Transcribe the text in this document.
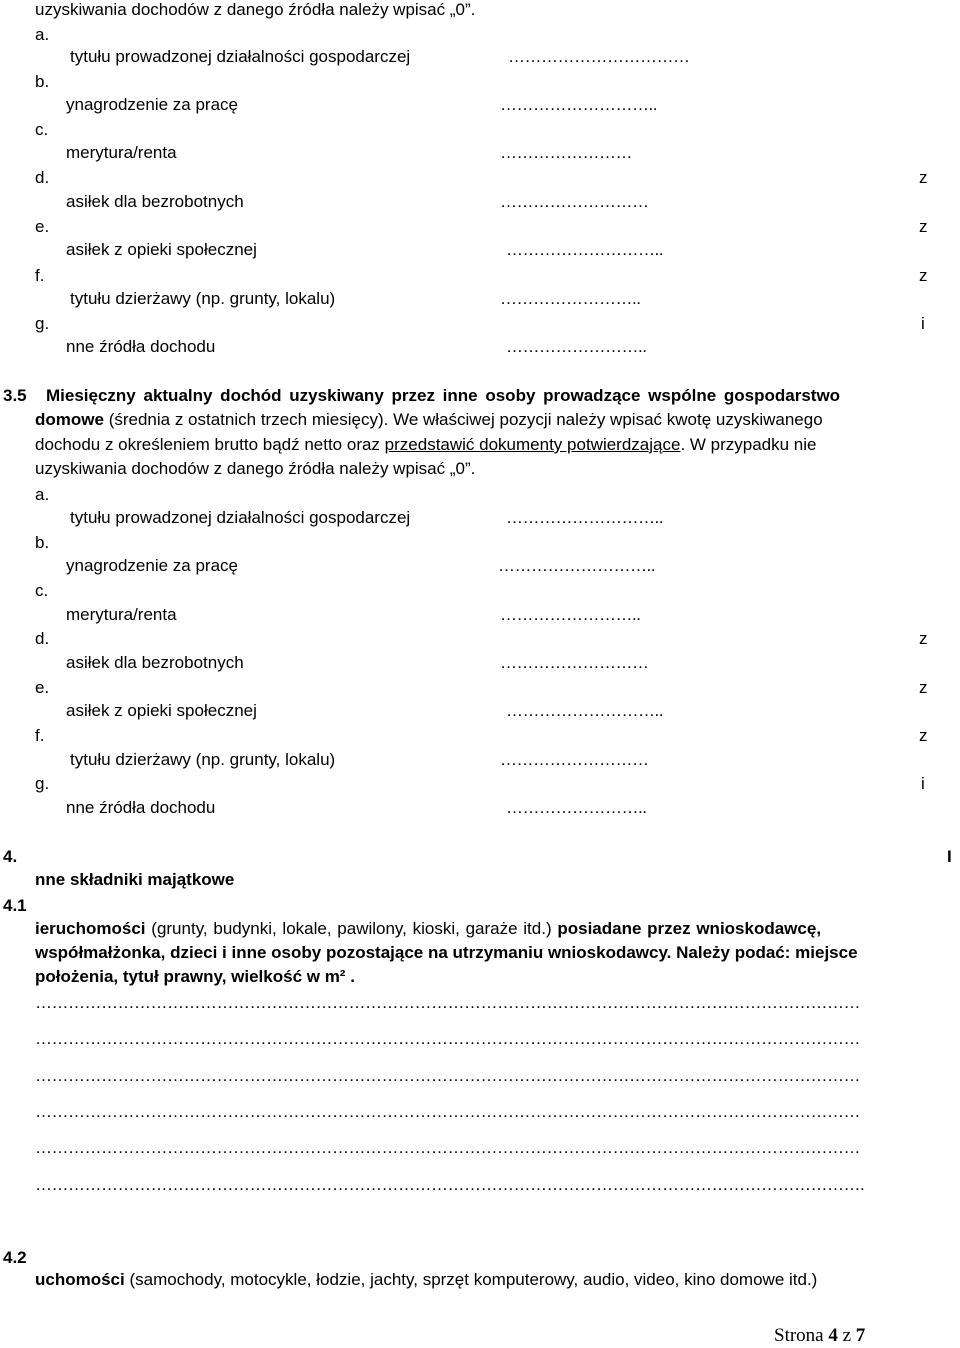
uzyskiwania dochodów z danego źródła należy wpisać „0”.
a.
tytułu prowadzonej działalności gospodarczej	……………………………
b.
ynagrodzenie za pracę	………………………..
c.
merytura/renta	……………………
d.
asiłek dla bezrobotnych	………………………
e.
asiłek z opieki społecznej	………………………..
f.
tytułu dzierżawy (np. grunty, lokalu)	……………………..
g.
nne źródła dochodu	……………………..
z
z
z
i
3.5 Miesięczny aktualny dochód uzyskiwany przez inne osoby prowadzące wspólne gospodarstwo
domowe (średnia z ostatnich trzech miesięcy). We właściwej pozycji należy wpisać kwotę uzyskiwanego
dochodu z określeniem brutto bądź netto oraz przedstawić dokumenty potwierdzające. W przypadku nie
uzyskiwania dochodów z danego źródła należy wpisać „0”.
a.
tytułu prowadzonej działalności gospodarczej	………………………..
b.
ynagrodzenie za pracę	………………………..
c.
merytura/renta	……………………..
d.
asiłek dla bezrobotnych	………………………
e.
asiłek z opieki społecznej	………………………..
f.
tytułu dzierżawy (np. grunty, lokalu)	………………………
g.
nne źródła dochodu	……………………..
z
z
z
i
4.	I
nne składniki majątkowe
4.1
ieruchomości (grunty, budynki, lokale, pawilony, kioski, garaże itd.) posiadane przez wnioskodawcę,
współmałżonka, dzieci i inne osoby pozostające na utrzymaniu wnioskodawcy. Należy podać: miejsce
położenia, tytuł prawny, wielkość w m² .
……………………………………………………………………………………………………………………………………
……………………………………………………………………………………………………………………………………
……………………………………………………………………………………………………………………………………
……………………………………………………………………………………………………………………………………
……………………………………………………………………………………………………………………………………
…………………………………………………………………………………………………………………………………….
4.2
uchomości (samochody, motocykle, łodzie, jachty, sprzęt komputerowy, audio, video, kino domowe itd.)
Strona 4 z 7
